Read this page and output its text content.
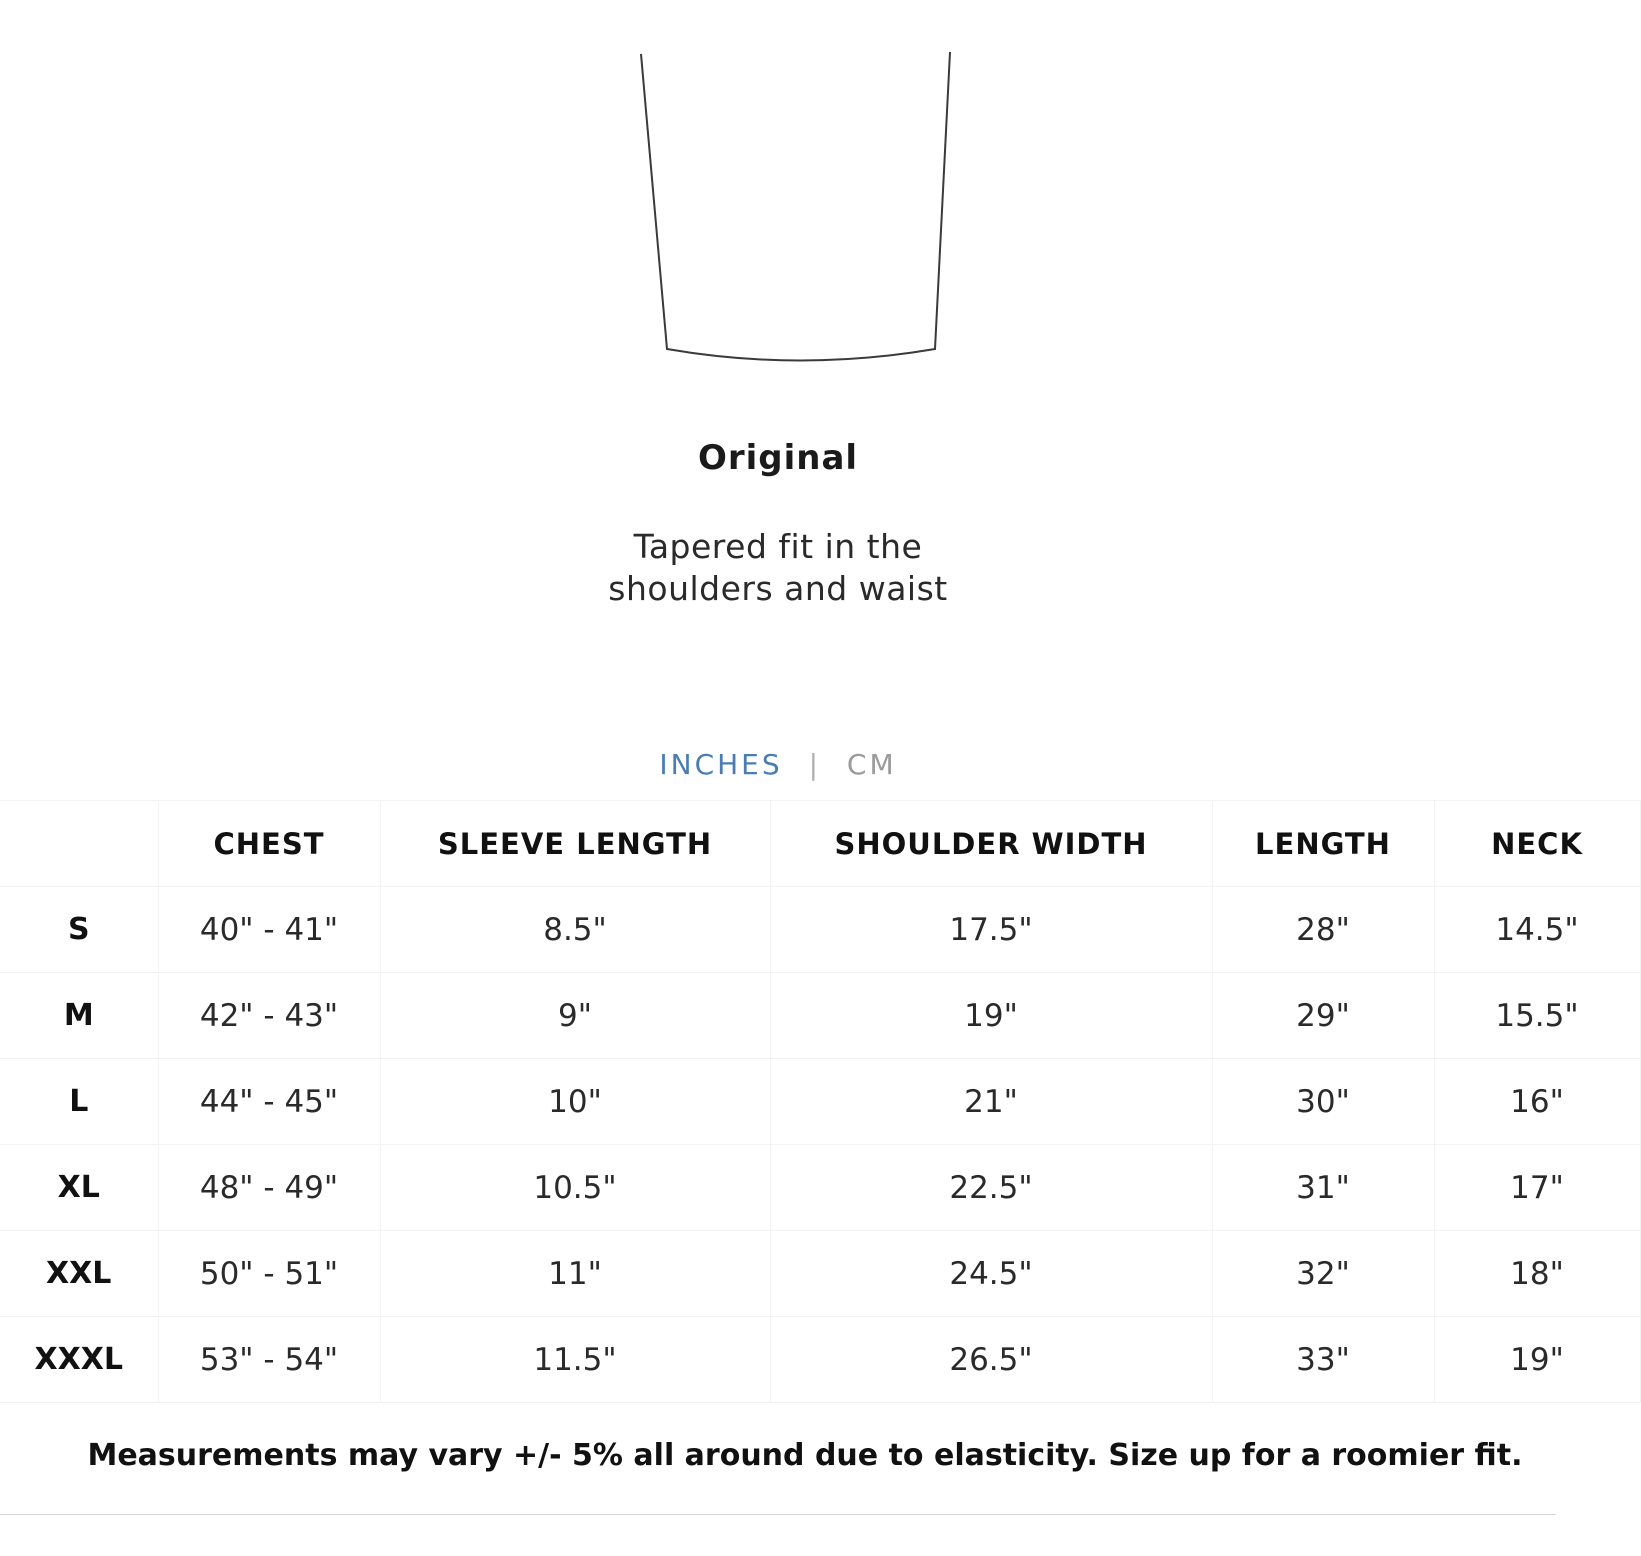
Original
Tapered fit in the
shoulders and waist
INCHES | CM
	CHEST	SLEEVE LENGTH	SHOULDER WIDTH	LENGTH	NECK
S	40" - 41"	8.5"	17.5"	28"	14.5"
M	42" - 43"	9"	19"	29"	15.5"
L	44" - 45"	10"	21"	30"	16"
XL	48" - 49"	10.5"	22.5"	31"	17"
XXL	50" - 51"	11"	24.5"	32"	18"
XXXL	53" - 54"	11.5"	26.5"	33"	19"

Measurements may vary +/- 5% all around due to elasticity. Size up for a roomier fit.
